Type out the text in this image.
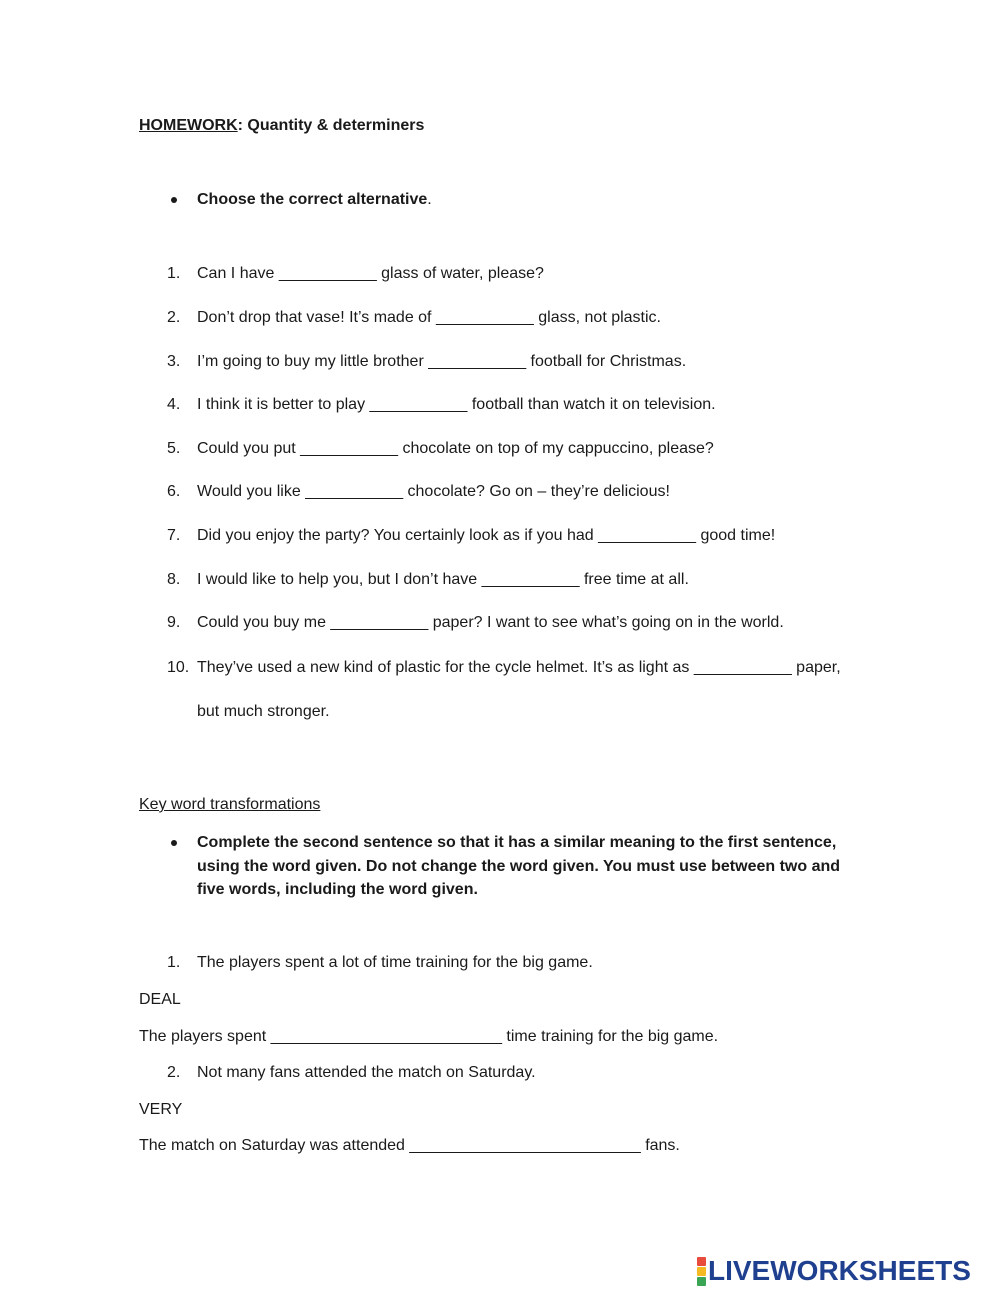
HOMEWORK: Quantity & determiners
Choose the correct alternative.
1. Can I have ___________ glass of water, please?
2. Don’t drop that vase! It’s made of ___________ glass, not plastic.
3. I’m going to buy my little brother ___________ football for Christmas.
4. I think it is better to play ___________ football than watch it on television.
5. Could you put ___________ chocolate on top of my cappuccino, please?
6. Would you like ___________ chocolate? Go on – they’re delicious!
7. Did you enjoy the party? You certainly look as if you had ___________ good time!
8. I would like to help you, but I don’t have ___________ free time at all.
9. Could you buy me ___________ paper? I want to see what’s going on in the world.
10. They’ve used a new kind of plastic for the cycle helmet. It’s as light as ___________ paper,
but much stronger.
Key word transformations
Complete the second sentence so that it has a similar meaning to the first sentence, using the word given. Do not change the word given. You must use between two and five words, including the word given.
1. The players spent a lot of time training for the big game.
DEAL
The players spent __________________________ time training for the big game.
2. Not many fans attended the match on Saturday.
VERY
The match on Saturday was attended __________________________ fans.
LIVEWORKSHEETS
